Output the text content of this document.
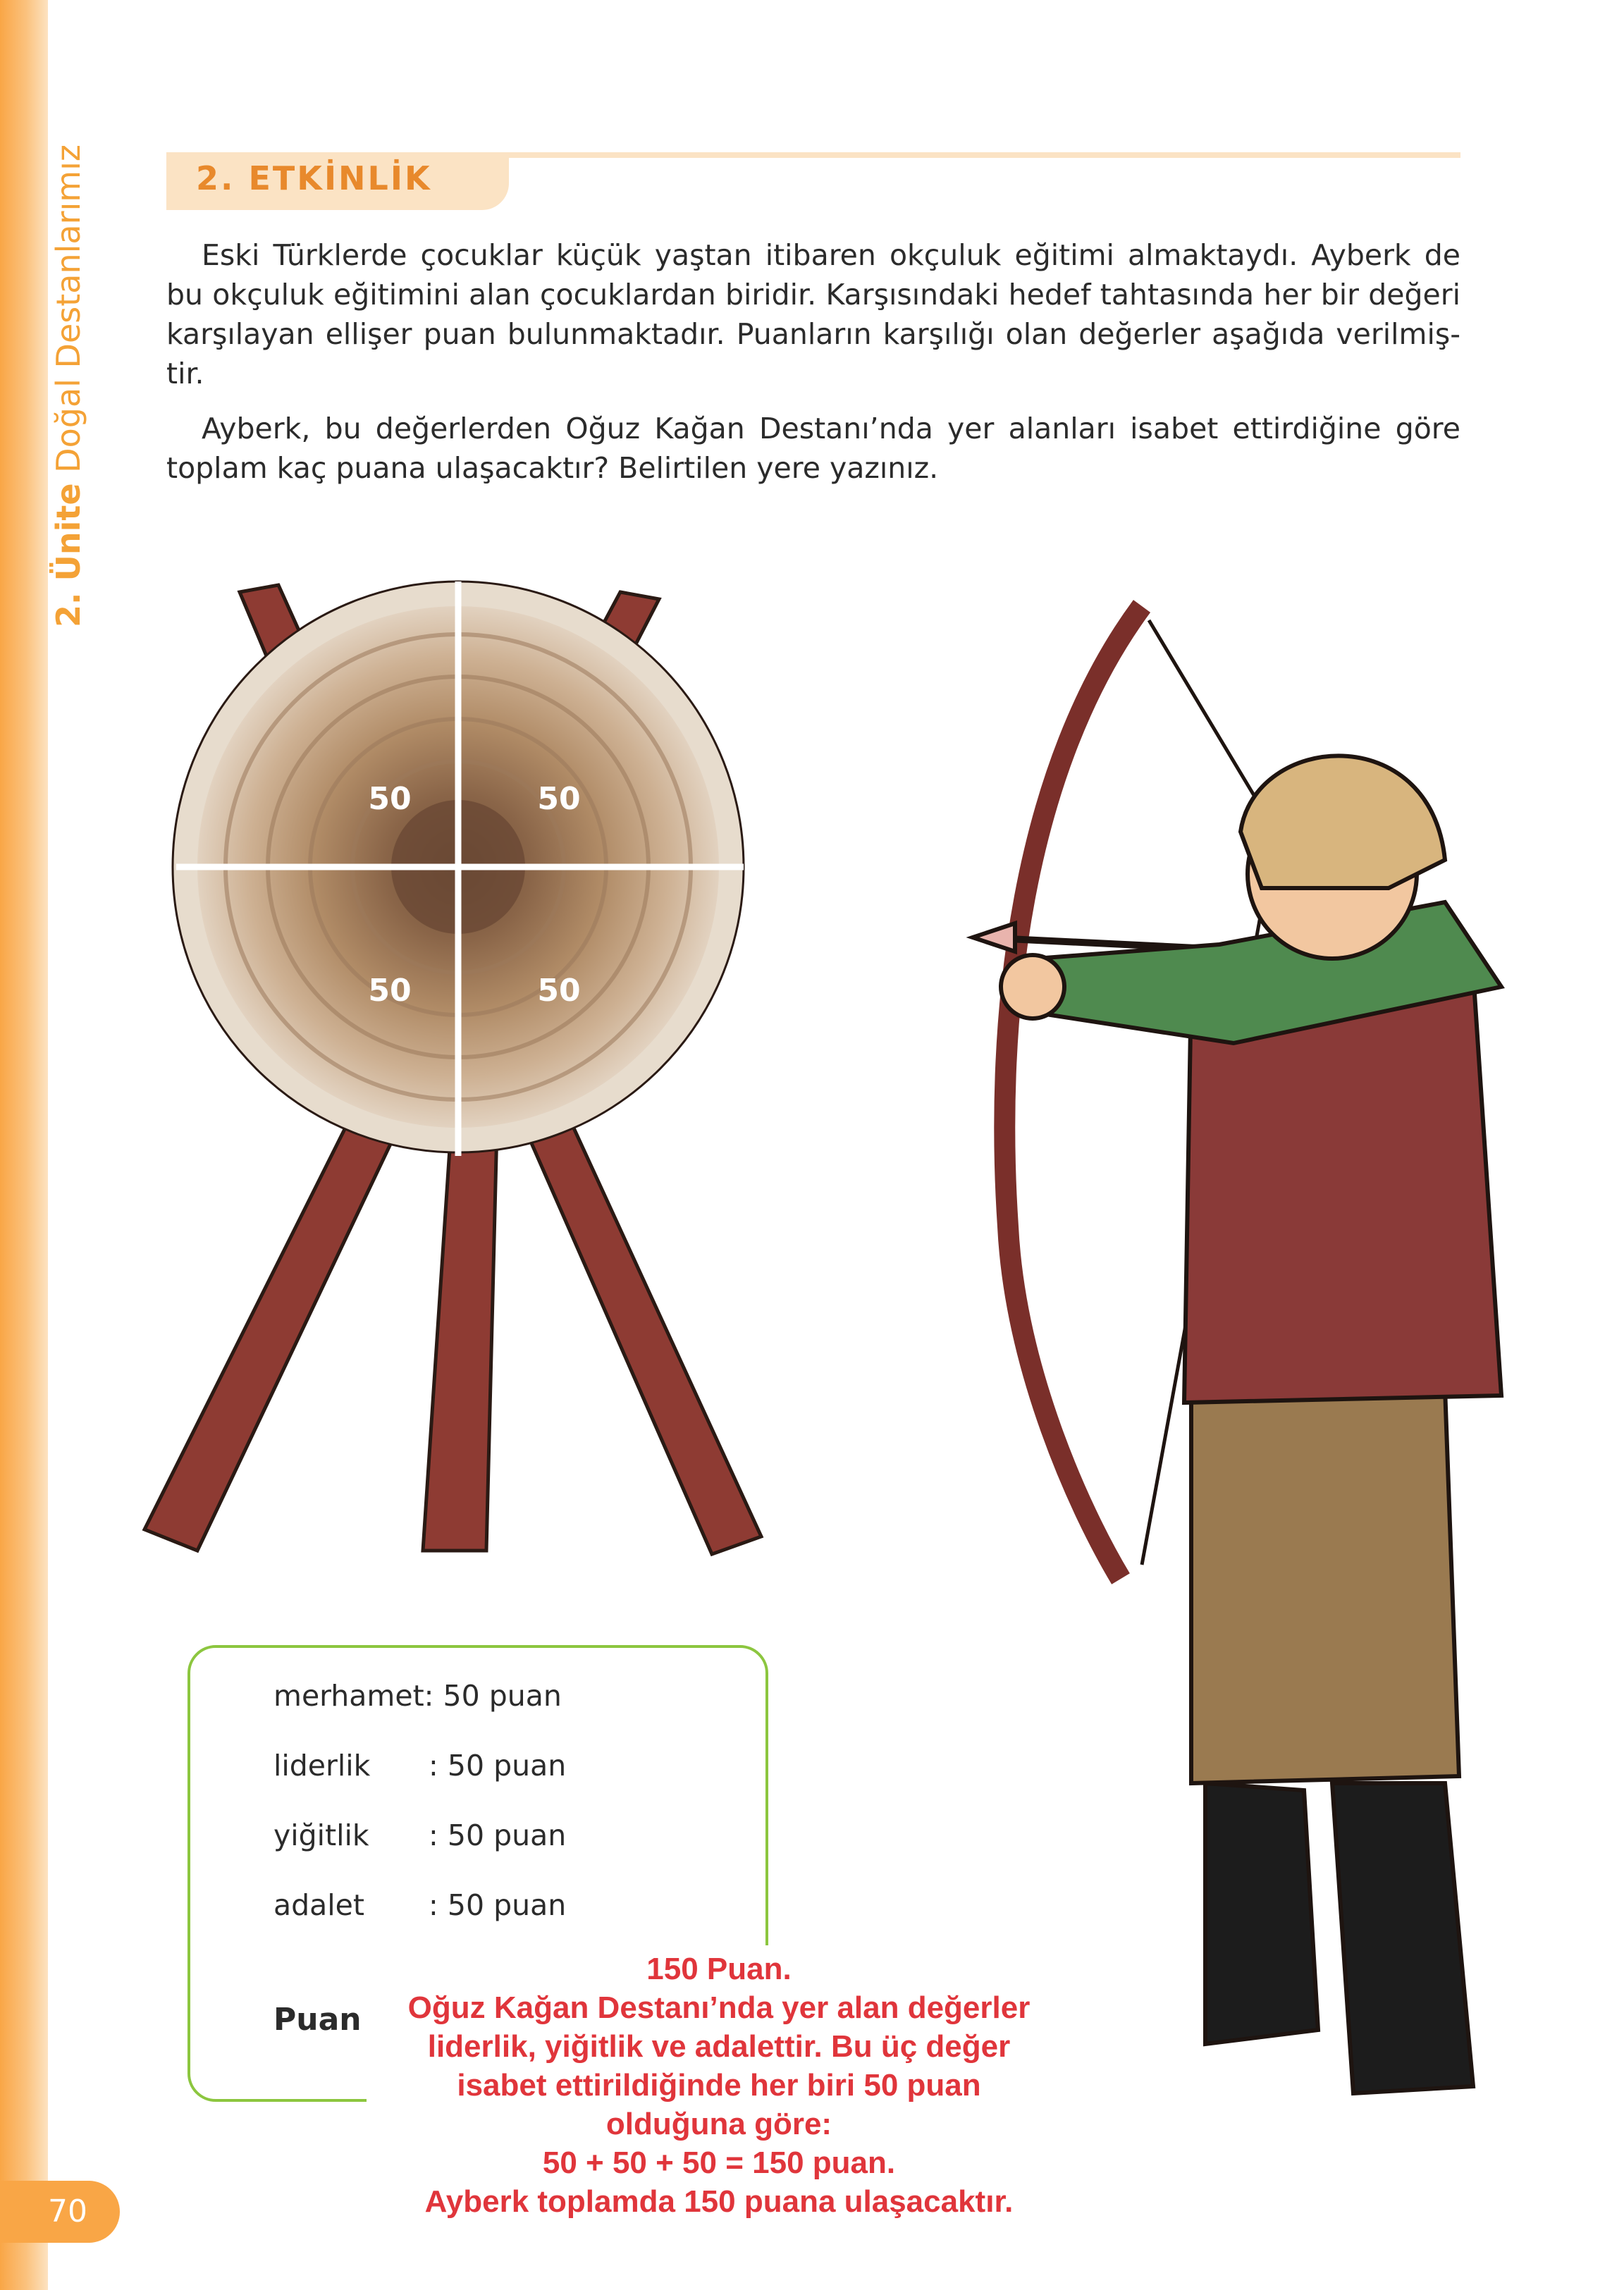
2. Ünite Doğal Destanlarımız
70
2. ETKİNLİK
Eski Türklerde çocuklar küçük yaştan itibaren okçuluk eğitimi almaktaydı. Ayberk de
bu okçuluk eğitimini alan çocuklardan biridir. Karşısındaki hedef tahtasında her bir değeri
karşılayan ellişer puan bulunmaktadır. Puanların karşılığı olan değerler aşağıda verilmiş-
tir.
Ayberk, bu değerlerden Oğuz Kağan Destanı’nda yer alanları isabet ettirdiğine göre
toplam kaç puana ulaşacaktır? Belirtilen yere yazınız.
50	50
50	50
merhamet: 50 puan
liderlik : 50 puan
yiğitlik : 50 puan
adalet : 50 puan
Puan
150 Puan.
Oğuz Kağan Destanı’nda yer alan değerler
liderlik, yiğitlik ve adalettir. Bu üç değer
isabet ettirildiğinde her biri 50 puan
olduğuna göre:
50 + 50 + 50 = 150 puan.
Ayberk toplamda 150 puana ulaşacaktır.
